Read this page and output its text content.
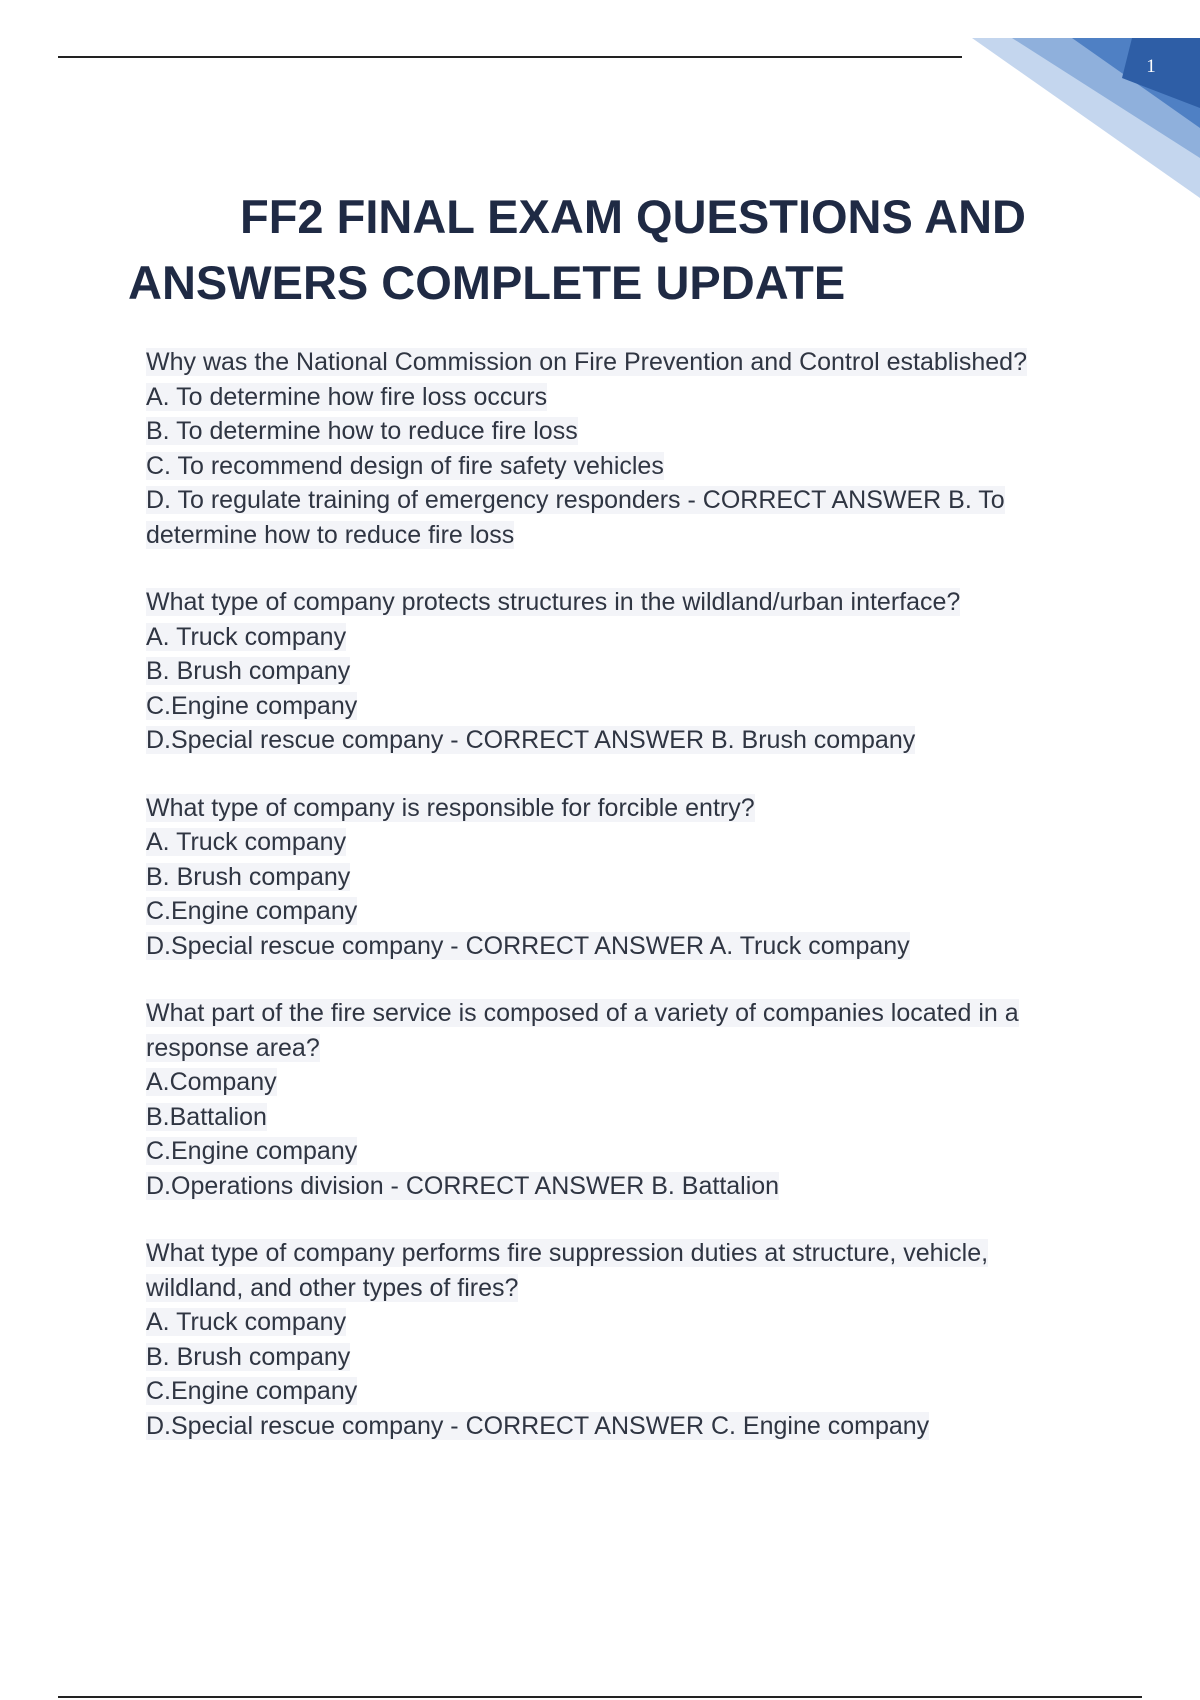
1
FF2 FINAL EXAM QUESTIONS AND
ANSWERS COMPLETE UPDATE
Why was the National Commission on Fire Prevention and Control established?
A. To determine how fire loss occurs
B. To determine how to reduce fire loss
C. To recommend design of fire safety vehicles
D. To regulate training of emergency responders - CORRECT ANSWER B. To
determine how to reduce fire loss
What type of company protects structures in the wildland/urban interface?
A. Truck company
B. Brush company
C.Engine company
D.Special rescue company - CORRECT ANSWER B. Brush company
What type of company is responsible for forcible entry?
A. Truck company
B. Brush company
C.Engine company
D.Special rescue company - CORRECT ANSWER A. Truck company
What part of the fire service is composed of a variety of companies located in a
response area?
A.Company
B.Battalion
C.Engine company
D.Operations division - CORRECT ANSWER B. Battalion
What type of company performs fire suppression duties at structure, vehicle,
wildland, and other types of fires?
A. Truck company
B. Brush company
C.Engine company
D.Special rescue company - CORRECT ANSWER C. Engine company
